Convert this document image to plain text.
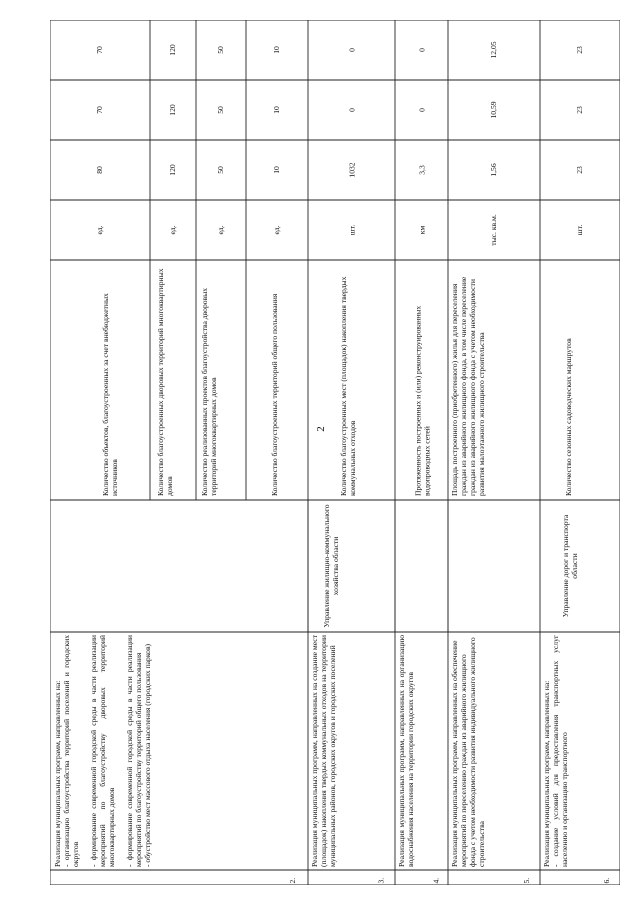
2
2.
Реализация муниципальных программ, направленных на:
- организацию благоустройства территорий поселений и городских округов

- формирование современной городской среды в части реализации мероприятий по благоустройству дворовых территорий многоквартирных домов

- формирование современной городской среды в части реализации мероприятий по благоустройству территорий общего пользования
- обустройство мест массового отдыха населения (городских парков)
Количество объектов, благоустроенных за счет внебюджетных источников
ед.
80
70
70
Количество благоустроенных дворовых территорий многоквартирных домов
ед.
120
120
120
Количество реализованных проектов благоустройства дворовых территорий многоквартирных домов
ед.
50
50
50
Количество благоустроенных территорий общего пользования
ед.
10
10
10
Управление жилищно-коммунального хозяйства области
3.
Реализация муниципальных программ, направленных на создание мест (площадок) накопления твердых коммунальных отходов на территории муниципальных районов, городских округов и городских поселений
Количество благоустроенных мест (площадок) накопления твердых коммунальных отходов
шт.
1032
0
0
4.
Реализация муниципальных программ, направленных на организацию водоснабжения населения на территории городских округов
Протяженность построенных и (или) реконструированных водопроводных сетей
км
3,3
0
0
5.
Реализация муниципальных программ, направленных на обеспечение мероприятий по переселению граждан из аварийного жилищного фонда с учетом необходимости развития индивидуального жилищного строительства
Площадь построенного (приобретенного) жилья для переселения граждан из аварийного жилищного фонда, в том числе переселение граждан из аварийного жилищного фонда с учетом необходимости развития малоэтажного жилищного строительства
тыс. кв.м.
1,56
10,59
12,05
6.
Реализация муниципальных программ, направленных на:
- создание условий для предоставления транспортных услуг населению и организацию транспортного
Управление дорог и транспорта области
Количество сезонных садоводческих маршрутов
шт.
23
23
23
